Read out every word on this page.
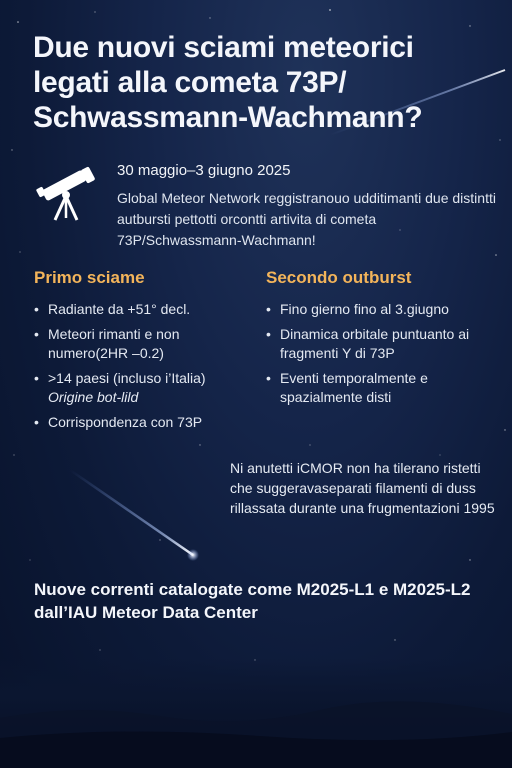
Due nuovi sciami meteorici legati alla cometa 73P/ Schwassmann-Wachmann?
30 maggio–3 giugno 2025
Global Meteor Network reggistranouo udditimanti due distintti autbursti pettotti orcontti artivita di cometa 73P/Schwassmann-Wachmann!
Primo sciame
• Radiante da +51° decl.
• Meteori rimanti e non numero(2HR –0.2)
• >14 paesi (incluso i’Italia)
Origine bot-lild
• Corrispondenza con 73P
Secondo outburst
• Fino gierno fino al 3.giugno
• Dinamica orbitale puntuanto ai fragmenti Y di 73P
• Eventi temporalmente e spazialmente disti
Ni anutetti iCMOR non ha tilerano ristetti che suggeravaseparati filamenti di duss rillassata durante una frugmentazioni 1995
Nuove correnti catalogate come M2025-L1 e M2025-L2 dall’IAU Meteor Data Center
